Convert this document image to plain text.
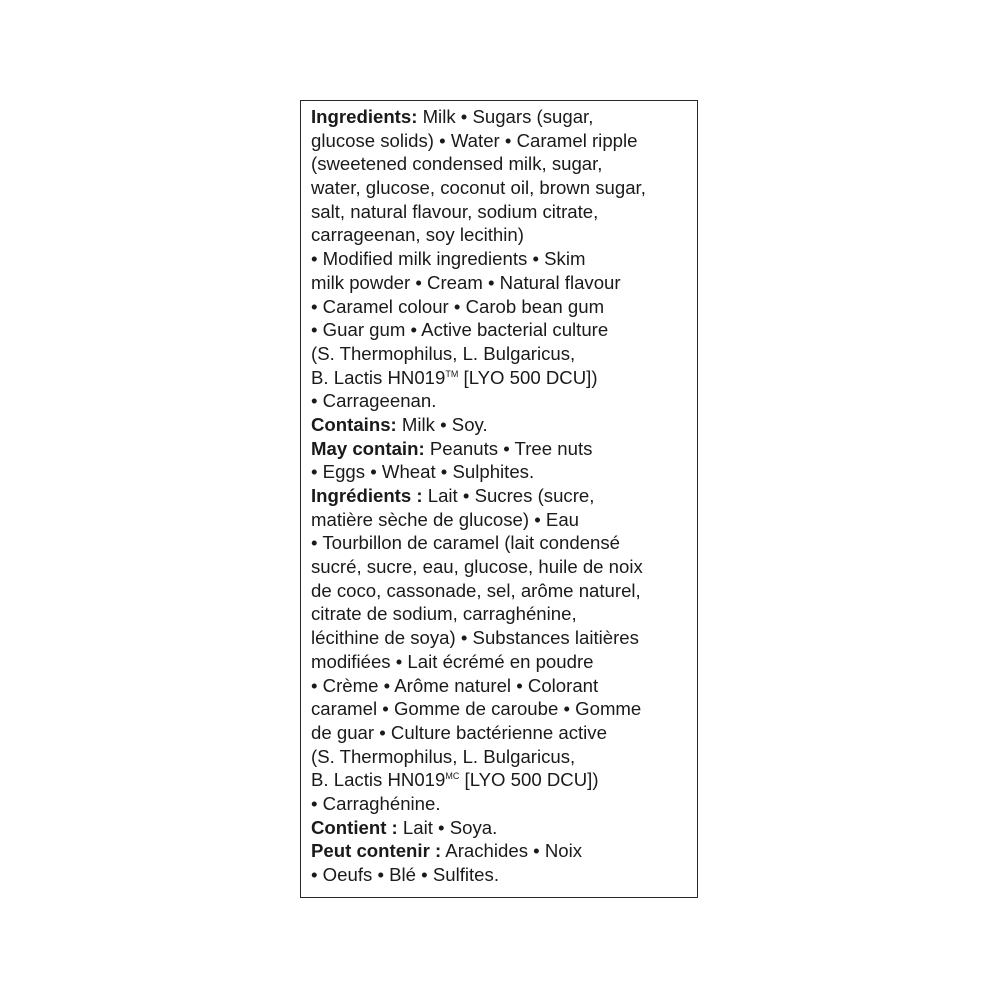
Ingredients: Milk • Sugars (sugar,
glucose solids) • Water • Caramel ripple
(sweetened condensed milk, sugar,
water, glucose, coconut oil, brown sugar,
salt, natural flavour, sodium citrate,
carrageenan, soy lecithin)
• Modified milk ingredients • Skim
milk powder • Cream • Natural flavour
• Caramel colour • Carob bean gum
• Guar gum • Active bacterial culture
(S. Thermophilus, L. Bulgaricus,
B. Lactis HN019™ [LYO 500 DCU])
• Carrageenan.
Contains: Milk • Soy.
May contain: Peanuts • Tree nuts
• Eggs • Wheat • Sulphites.
Ingrédients : Lait • Sucres (sucre,
matière sèche de glucose) • Eau
• Tourbillon de caramel (lait condensé
sucré, sucre, eau, glucose, huile de noix
de coco, cassonade, sel, arôme naturel,
citrate de sodium, carraghénine,
lécithine de soya) • Substances laitières
modifiées • Lait écrémé en poudre
• Crème • Arôme naturel • Colorant
caramel • Gomme de caroube • Gomme
de guar • Culture bactérienne active
(S. Thermophilus, L. Bulgaricus,
B. Lactis $HN019^{MC}$ [LYO 500 DCU])
• Carraghénine.
Contient : Lait • Soya.
Peut contenir : Arachides • Noix
• Oeufs • Blé • Sulfites.
